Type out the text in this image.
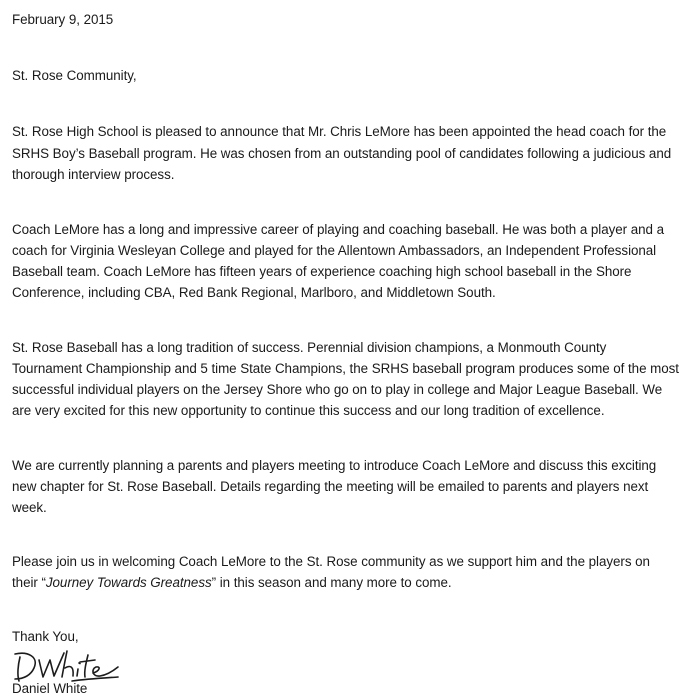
February 9, 2015
St. Rose Community,
St. Rose High School is pleased to announce that Mr. Chris LeMore has been appointed the head coach for the
SRHS Boy’s Baseball program. He was chosen from an outstanding pool of candidates following a judicious and
thorough interview process.
Coach LeMore has a long and impressive career of playing and coaching baseball. He was both a player and a
coach for Virginia Wesleyan College and played for the Allentown Ambassadors, an Independent Professional
Baseball team. Coach LeMore has fifteen years of experience coaching high school baseball in the Shore
Conference, including CBA, Red Bank Regional, Marlboro, and Middletown South.
St. Rose Baseball has a long tradition of success. Perennial division champions, a Monmouth County
Tournament Championship and 5 time State Champions, the SRHS baseball program produces some of the most
successful individual players on the Jersey Shore who go on to play in college and Major League Baseball. We
are very excited for this new opportunity to continue this success and our long tradition of excellence.
We are currently planning a parents and players meeting to introduce Coach LeMore and discuss this exciting
new chapter for St. Rose Baseball. Details regarding the meeting will be emailed to parents and players next
week.
Please join us in welcoming Coach LeMore to the St. Rose community as we support him and the players on
their “Journey Towards Greatness” in this season and many more to come.
Thank You,
Daniel White
